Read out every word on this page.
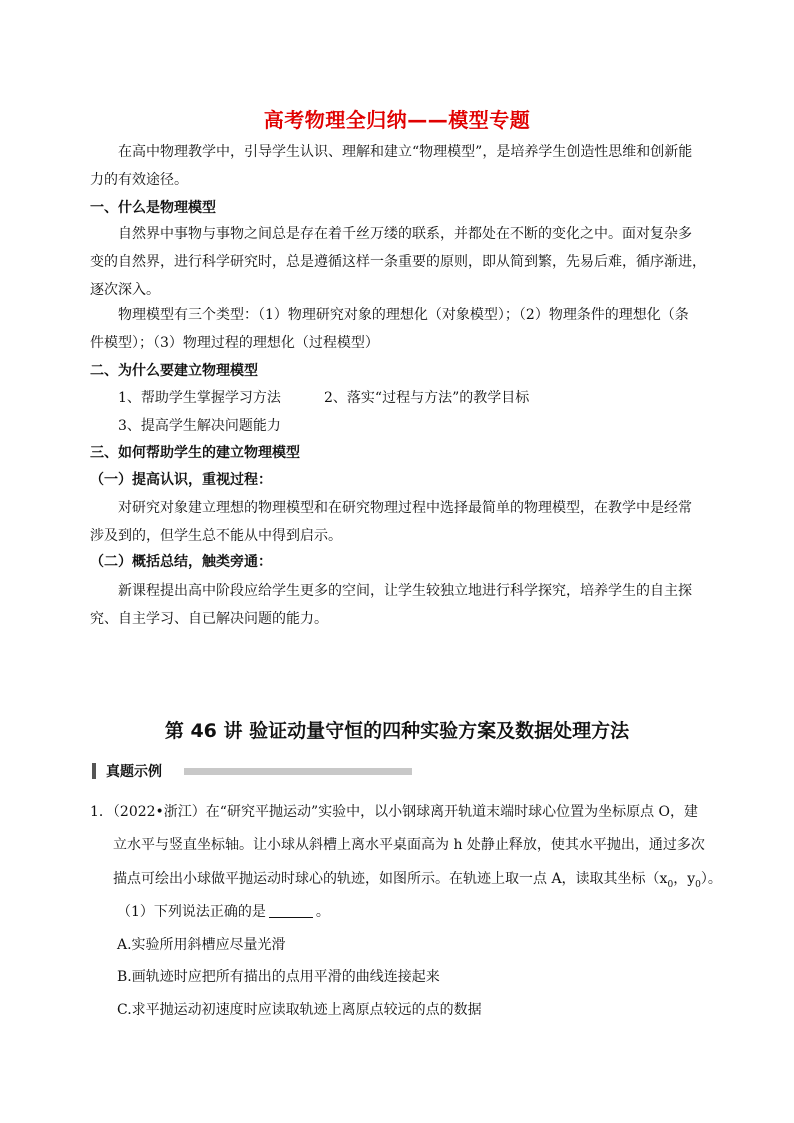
高考物理全归纳——模型专题
在高中物理教学中，引导学生认识、理解和建立“物理模型”，是培养学生创造性思维和创新能
力的有效途径。
一、什么是物理模型
自然界中事物与事物之间总是存在着千丝万缕的联系，并都处在不断的变化之中。面对复杂多
变的自然界，进行科学研究时，总是遵循这样一条重要的原则，即从简到繁，先易后难，循序渐进，
逐次深入。
物理模型有三个类型：（1）物理研究对象的理想化（对象模型）；（2）物理条件的理想化（条
件模型）；（3）物理过程的理想化（过程模型）
二、为什么要建立物理模型
1、帮助学生掌握学习方法	2、落实“过程与方法”的教学目标
3、提高学生解决问题能力
三、如何帮助学生的建立物理模型
（一）提高认识，重视过程：
对研究对象建立理想的物理模型和在研究物理过程中选择最简单的物理模型，在教学中是经常
涉及到的，但学生总不能从中得到启示。
（二）概括总结，触类旁通：
新课程提出高中阶段应给学生更多的空间，让学生较独立地进行科学探究，培养学生的自主探
究、自主学习、自已解决问题的能力。
第 46 讲 验证动量守恒的四种实验方案及数据处理方法
真题示例
1．（2022•浙江）在“研究平抛运动”实验中，以小钢球离开轨道末端时球心位置为坐标原点 O，建
立水平与竖直坐标轴。让小球从斜槽上离水平桌面高为 h 处静止释放，使其水平抛出，通过多次
描点可绘出小球做平抛运动时球心的轨迹，如图所示。在轨迹上取一点 A，读取其坐标（$x_0$，$y_0$）。
（1）下列说法正确的是	。
A.实验所用斜槽应尽量光滑
B.画轨迹时应把所有描出的点用平滑的曲线连接起来
C.求平抛运动初速度时应读取轨迹上离原点较远的点的数据
